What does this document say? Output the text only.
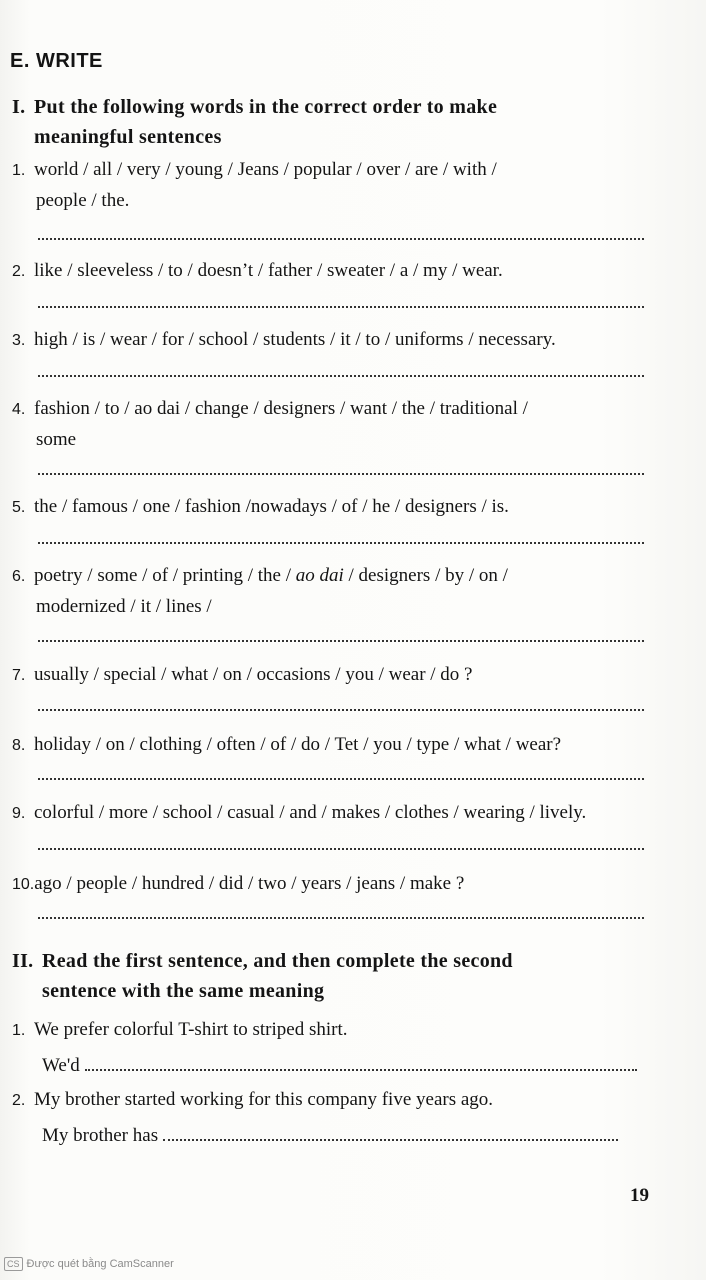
E. WRITE
I. Put the following words in the correct order to make
meaningful sentences
1. world / all / very / young / Jeans / popular / over / are / with /
people / the.
2. like / sleeveless / to / doesn’t / father / sweater / a / my / wear.
3. high / is / wear / for / school / students / it / to / uniforms / necessary.
4. fashion / to / ao dai / change / designers / want / the / traditional /
some
5. the / famous / one / fashion /nowadays / of / he / designers / is.
6. poetry / some / of / printing / the / ao dai / designers / by / on /
modernized / it / lines /
7. usually / special / what / on / occasions / you / wear / do ?
8. holiday / on / clothing / often / of / do / Tet / you / type / what / wear?
9. colorful / more / school / casual / and / makes / clothes / wearing / lively.
10.ago / people / hundred / did / two / years / jeans / make ?
II. Read the first sentence, and then complete the second
sentence with the same meaning
1. We prefer colorful T-shirt to striped shirt.
We'd
2. My brother started working for this company five years ago.
My brother has
19
CS Được quét bằng CamScanner
